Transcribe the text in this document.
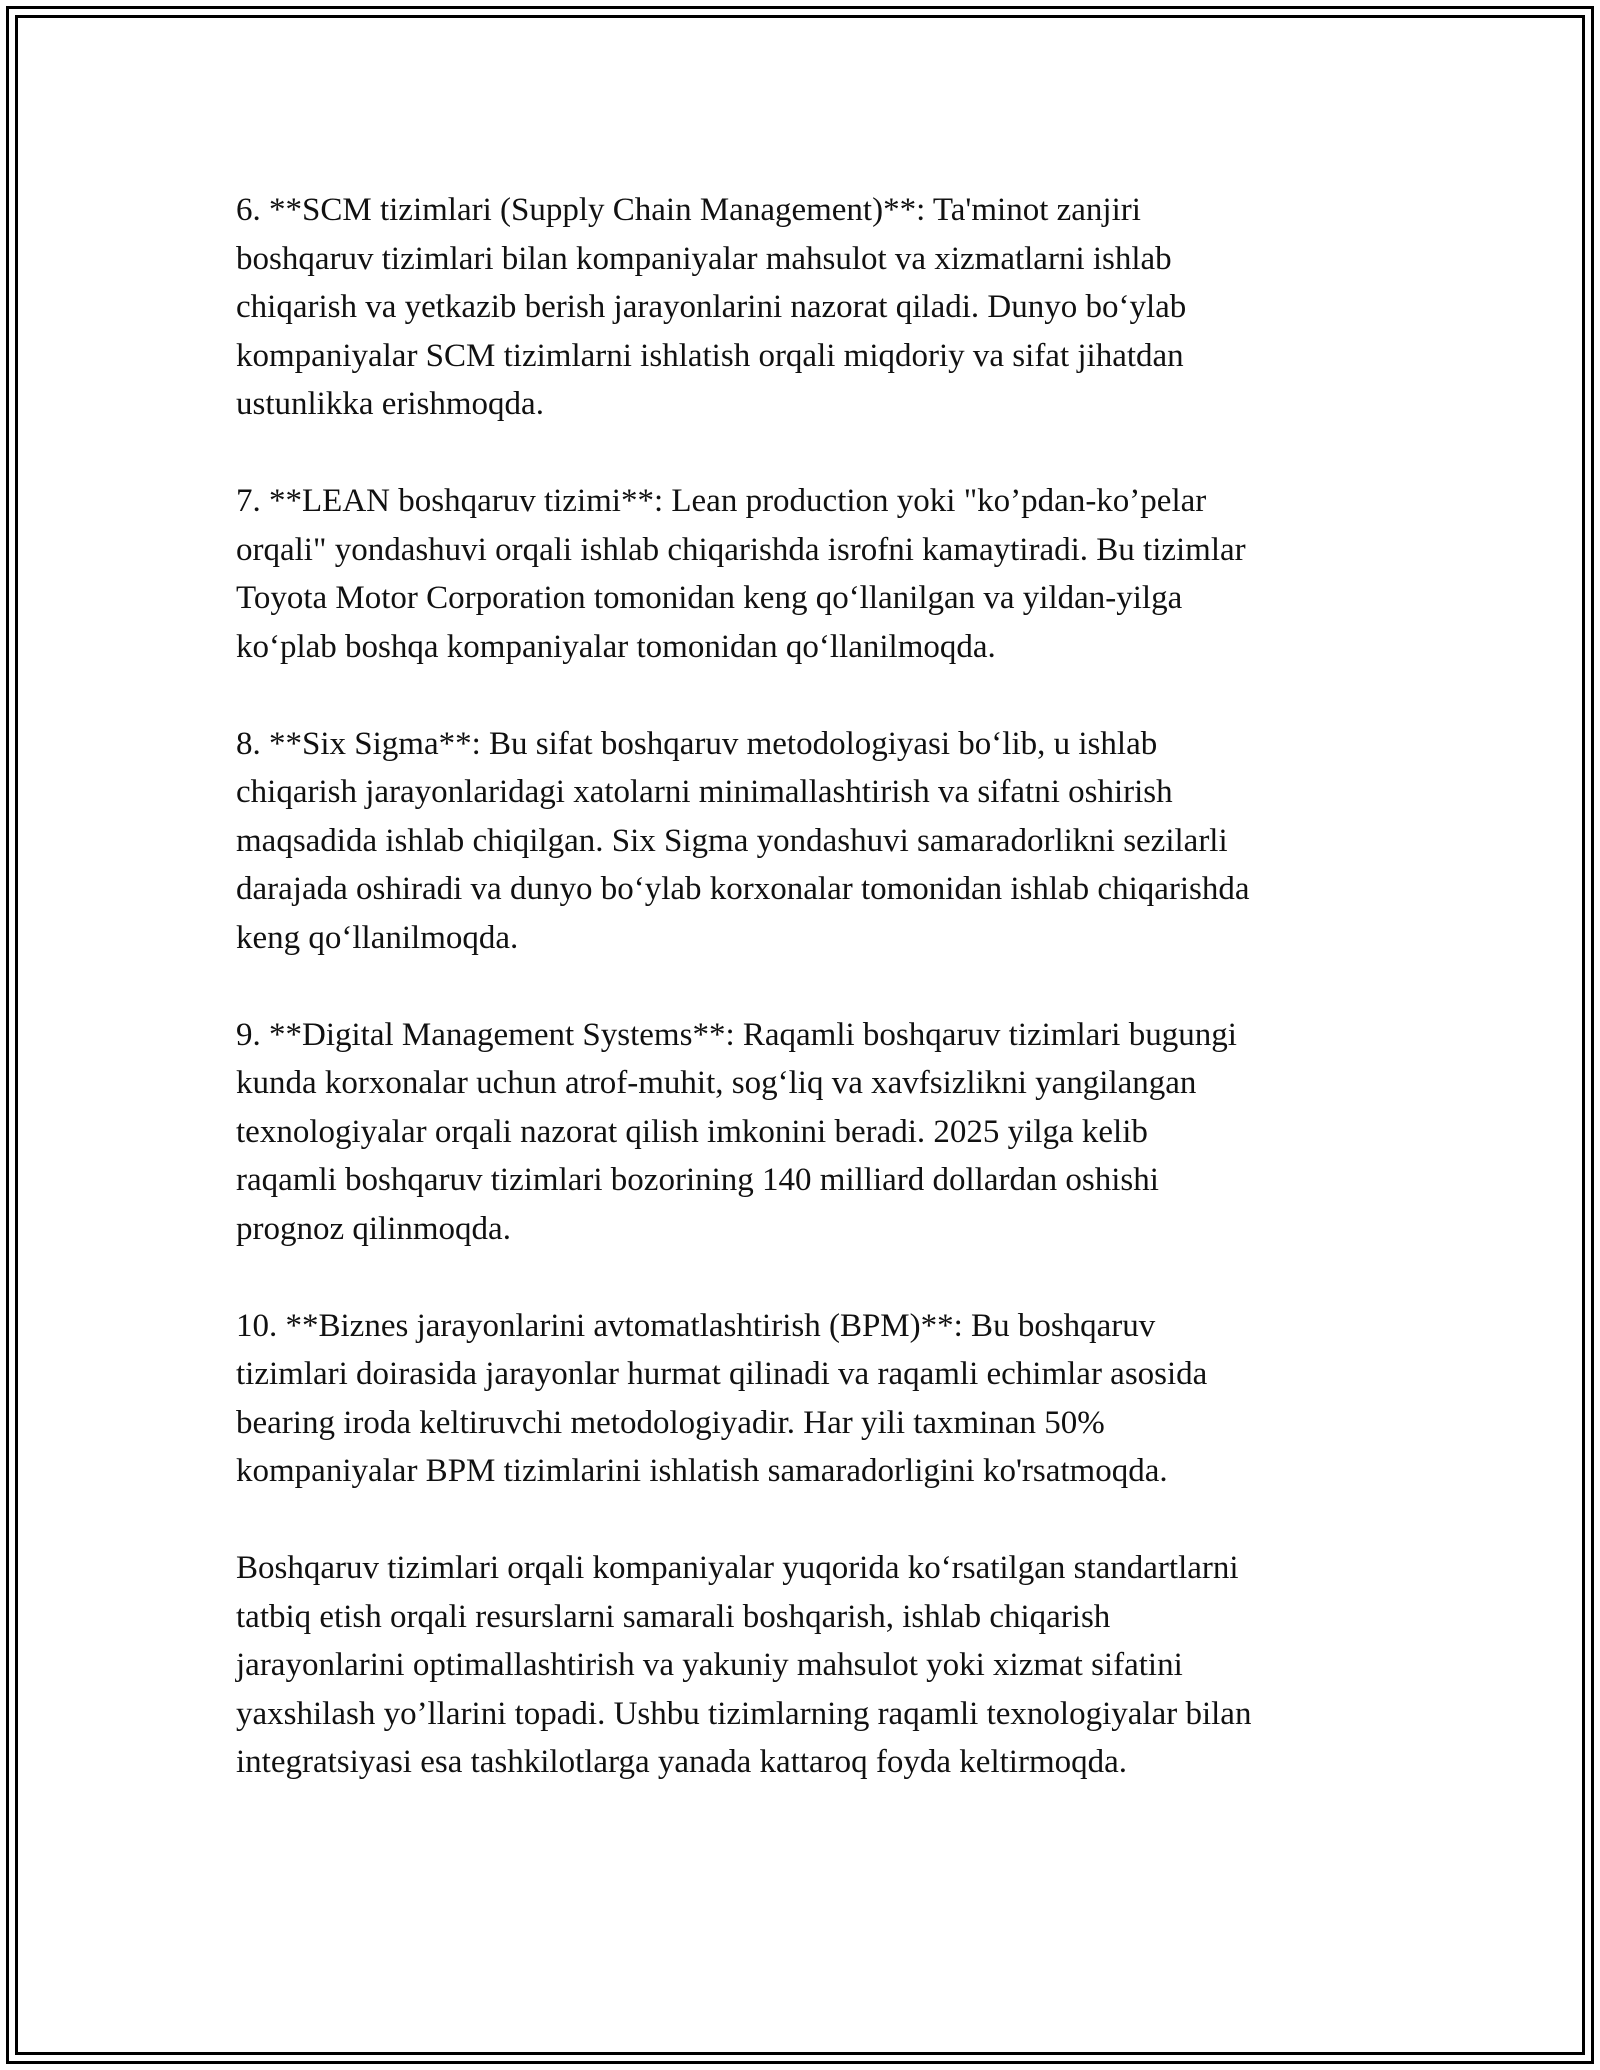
6. **SCM tizimlari (Supply Chain Management)**: Ta'minot zanjiri
boshqaruv tizimlari bilan kompaniyalar mahsulot va xizmatlarni ishlab
chiqarish va yetkazib berish jarayonlarini nazorat qiladi. Dunyo bo‘ylab
kompaniyalar SCM tizimlarni ishlatish orqali miqdoriy va sifat jihatdan
ustunlikka erishmoqda.

7. **LEAN boshqaruv tizimi**: Lean production yoki "ko’pdan-ko’pelar
orqali" yondashuvi orqali ishlab chiqarishda isrofni kamaytiradi. Bu tizimlar
Toyota Motor Corporation tomonidan keng qo‘llanilgan va yildan-yilga
ko‘plab boshqa kompaniyalar tomonidan qo‘llanilmoqda.

8. **Six Sigma**: Bu sifat boshqaruv metodologiyasi bo‘lib, u ishlab
chiqarish jarayonlaridagi xatolarni minimallashtirish va sifatni oshirish
maqsadida ishlab chiqilgan. Six Sigma yondashuvi samaradorlikni sezilarli
darajada oshiradi va dunyo bo‘ylab korxonalar tomonidan ishlab chiqarishda
keng qo‘llanilmoqda.

9. **Digital Management Systems**: Raqamli boshqaruv tizimlari bugungi
kunda korxonalar uchun atrof-muhit, sog‘liq va xavfsizlikni yangilangan
texnologiyalar orqali nazorat qilish imkonini beradi. 2025 yilga kelib
raqamli boshqaruv tizimlari bozorining 140 milliard dollardan oshishi
prognoz qilinmoqda.

10. **Biznes jarayonlarini avtomatlashtirish (BPM)**: Bu boshqaruv
tizimlari doirasida jarayonlar hurmat qilinadi va raqamli echimlar asosida
bearing iroda keltiruvchi metodologiyadir. Har yili taxminan 50%
kompaniyalar BPM tizimlarini ishlatish samaradorligini ko'rsatmoqda.

Boshqaruv tizimlari orqali kompaniyalar yuqorida ko‘rsatilgan standartlarni
tatbiq etish orqali resurslarni samarali boshqarish, ishlab chiqarish
jarayonlarini optimallashtirish va yakuniy mahsulot yoki xizmat sifatini
yaxshilash yo’llarini topadi. Ushbu tizimlarning raqamli texnologiyalar bilan
integratsiyasi esa tashkilotlarga yanada kattaroq foyda keltirmoqda.
